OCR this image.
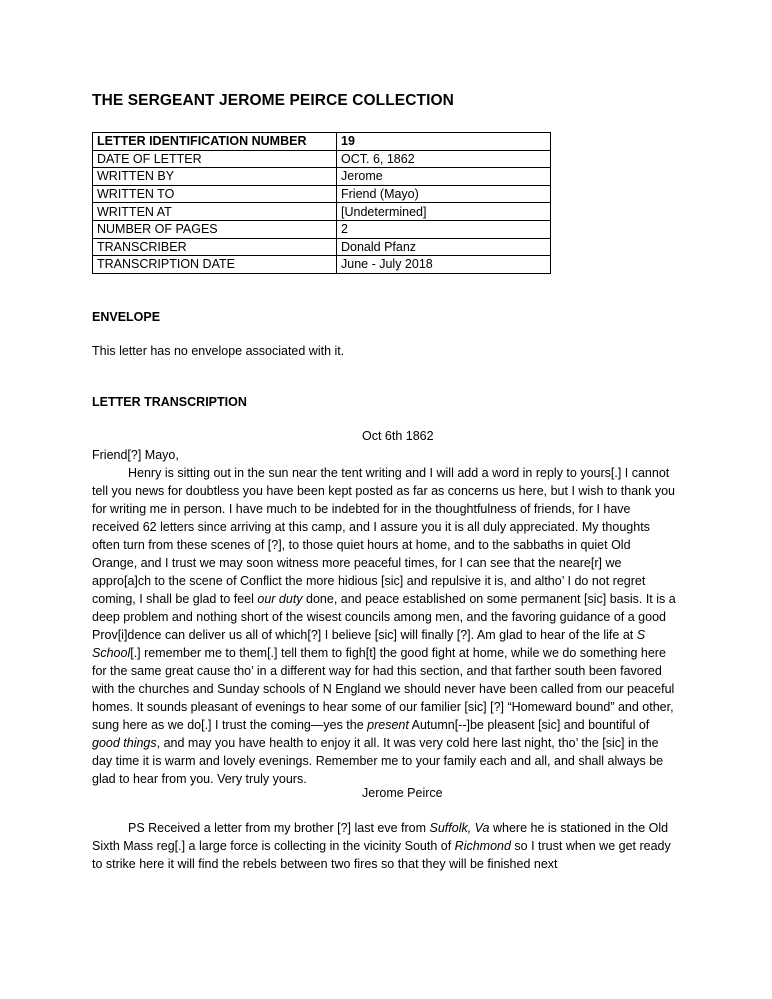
THE SERGEANT JEROME PEIRCE COLLECTION
LETTER IDENTIFICATION NUMBER	19
DATE OF LETTER	OCT. 6, 1862
WRITTEN BY	Jerome
WRITTEN TO	Friend (Mayo)
WRITTEN AT	[Undetermined]
NUMBER OF PAGES	2
TRANSCRIBER	Donald Pfanz
TRANSCRIPTION DATE	June - July 2018
ENVELOPE
This letter has no envelope associated with it.
LETTER TRANSCRIPTION
Oct 6th 1862
Friend[?] Mayo,

Henry is sitting out in the sun near the tent writing and I will add a word in reply to yours[.] I cannot tell you news for doubtless you have been kept posted as far as concerns us here, but I wish to thank you for writing me in person. I have much to be indebted for in the thoughtfulness of friends, for I have received 62 letters since arriving at this camp, and I assure you it is all duly appreciated. My thoughts often turn from these scenes of [?], to those quiet hours at home, and to the sabbaths in quiet Old Orange, and I trust we may soon witness more peaceful times, for I can see that the neare[r] we appro[a]ch to the scene of Conflict the more hidious [sic] and repulsive it is, and altho’ I do not regret coming, I shall be glad to feel our duty done, and peace established on some permanent [sic] basis. It is a deep problem and nothing short of the wisest councils among men, and the favoring guidance of a good Prov[i]dence can deliver us all of which[?] I believe [sic] will finally [?]. Am glad to hear of the life at S School[.] remember me to them[.] tell them to figh[t] the good fight at home, while we do something here for the same great cause tho’ in a different way for had this section, and that farther south been favored with the churches and Sunday schools of N England we should never have been called from our peaceful homes. It sounds pleasant of evenings to hear some of our familier [sic] [?] “Homeward bound” and other, sung here as we do[.] I trust the coming—yes the present Autumn[--]be pleasent [sic] and bountiful of good things, and may you have health to enjoy it all. It was very cold here last night, tho’ the [sic] in the day time it is warm and lovely evenings. Remember me to your family each and all, and shall always be glad to hear from you. Very truly yours.

Jerome Peirce

PS Received a letter from my brother [?] last eve from Suffolk, Va where he is stationed in the Old Sixth Mass reg[.] a large force is collecting in the vicinity South of Richmond so I trust when we get ready to strike here it will find the rebels between two fires so that they will be finished next
